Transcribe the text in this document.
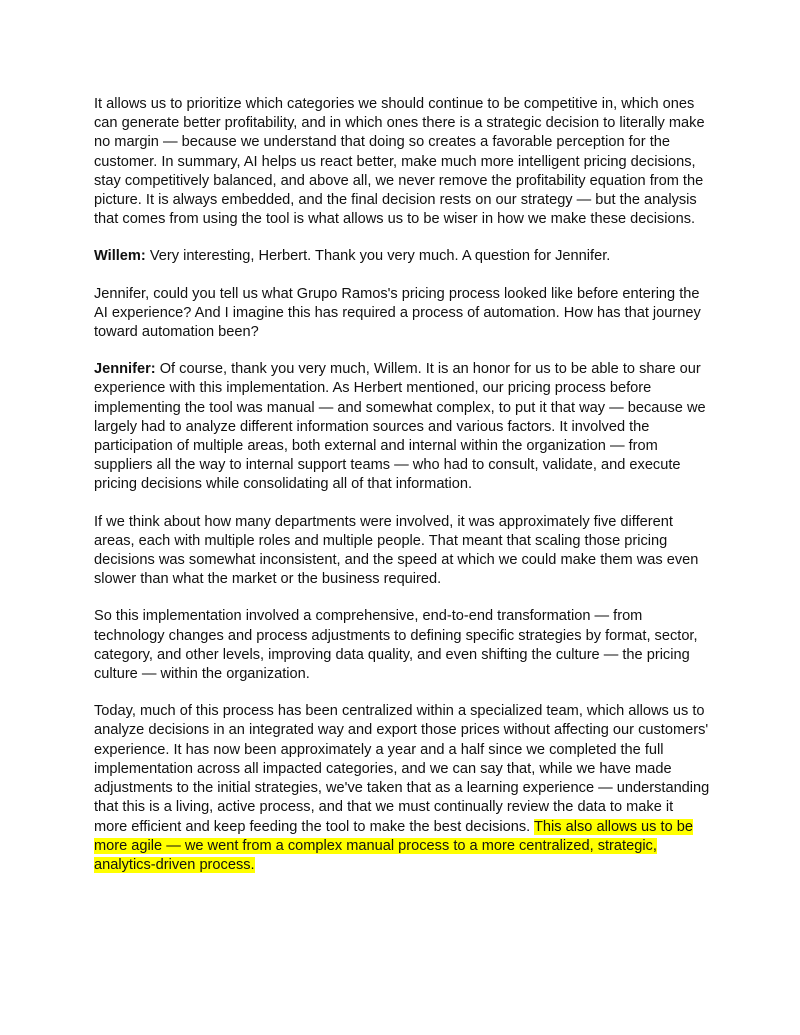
It allows us to prioritize which categories we should continue to be competitive in, which ones can generate better profitability, and in which ones there is a strategic decision to literally make no margin — because we understand that doing so creates a favorable perception for the customer. In summary, AI helps us react better, make much more intelligent pricing decisions, stay competitively balanced, and above all, we never remove the profitability equation from the picture. It is always embedded, and the final decision rests on our strategy — but the analysis that comes from using the tool is what allows us to be wiser in how we make these decisions.

Willem: Very interesting, Herbert. Thank you very much. A question for Jennifer.

Jennifer, could you tell us what Grupo Ramos's pricing process looked like before entering the AI experience? And I imagine this has required a process of automation. How has that journey toward automation been?

Jennifer: Of course, thank you very much, Willem. It is an honor for us to be able to share our experience with this implementation. As Herbert mentioned, our pricing process before implementing the tool was manual — and somewhat complex, to put it that way — because we largely had to analyze different information sources and various factors. It involved the participation of multiple areas, both external and internal within the organization — from suppliers all the way to internal support teams — who had to consult, validate, and execute pricing decisions while consolidating all of that information.

If we think about how many departments were involved, it was approximately five different areas, each with multiple roles and multiple people. That meant that scaling those pricing decisions was somewhat inconsistent, and the speed at which we could make them was even slower than what the market or the business required.

So this implementation involved a comprehensive, end-to-end transformation — from technology changes and process adjustments to defining specific strategies by format, sector, category, and other levels, improving data quality, and even shifting the culture — the pricing culture — within the organization.

Today, much of this process has been centralized within a specialized team, which allows us to analyze decisions in an integrated way and export those prices without affecting our customers' experience. It has now been approximately a year and a half since we completed the full implementation across all impacted categories, and we can say that, while we have made adjustments to the initial strategies, we've taken that as a learning experience — understanding that this is a living, active process, and that we must continually review the data to make it more efficient and keep feeding the tool to make the best decisions. This also allows us to be more agile — we went from a complex manual process to a more centralized, strategic, analytics-driven process.
